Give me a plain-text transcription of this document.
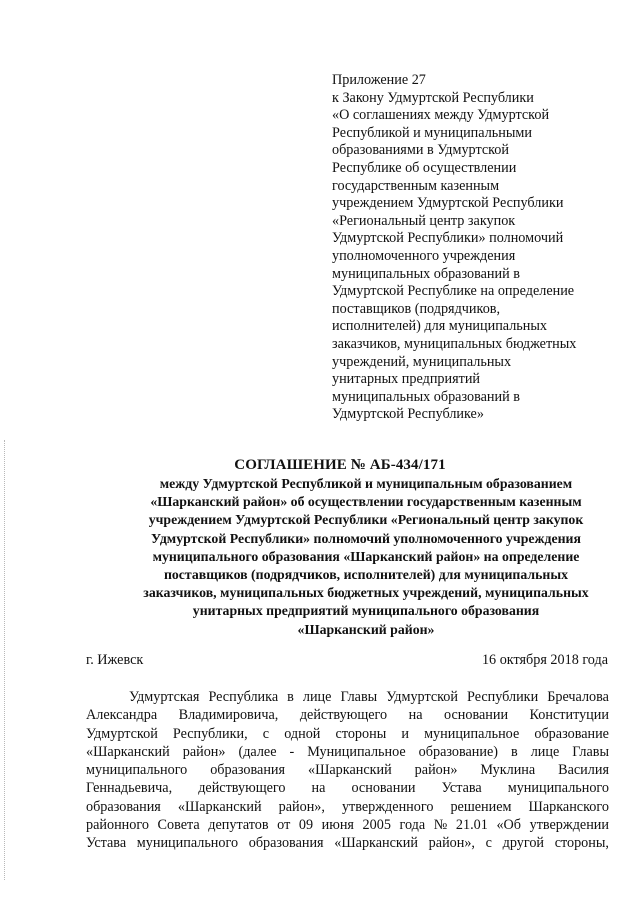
Приложение 27
к Закону Удмуртской Республики
«О соглашениях между Удмуртской
Республикой и муниципальными
образованиями в Удмуртской
Республике об осуществлении
государственным казенным
учреждением Удмуртской Республики
«Региональный центр закупок
Удмуртской Республики» полномочий
уполномоченного учреждения
муниципальных образований в
Удмуртской Республике на определение
поставщиков (подрядчиков,
исполнителей) для муниципальных
заказчиков, муниципальных бюджетных
учреждений, муниципальных
унитарных предприятий
муниципальных образований в
Удмуртской Республике»
СОГЛАШЕНИЕ № АБ-434/171
между Удмуртской Республикой и муниципальным образованием
«Шарканский район» об осуществлении государственным казенным
учреждением Удмуртской Республики «Региональный центр закупок
Удмуртской Республики» полномочий уполномоченного учреждения
муниципального образования «Шарканский район» на определение
поставщиков (подрядчиков, исполнителей) для муниципальных
заказчиков, муниципальных бюджетных учреждений, муниципальных
унитарных предприятий муниципального образования
«Шарканский район»
г. Ижевск	16 октября 2018 года
Удмуртская Республика в лице Главы Удмуртской Республики Бречалова
Александра Владимировича, действующего на основании Конституции
Удмуртской Республики, с одной стороны и муниципальное образование
«Шарканский район» (далее - Муниципальное образование) в лице Главы
муниципального образования «Шарканский район» Муклина Василия
Геннадьевича, действующего на основании Устава муниципального
образования «Шарканский район», утвержденного решением Шарканского
районного Совета депутатов от 09 июня 2005 года № 21.01 «Об утверждении
Устава муниципального образования «Шарканский район», с другой стороны,
